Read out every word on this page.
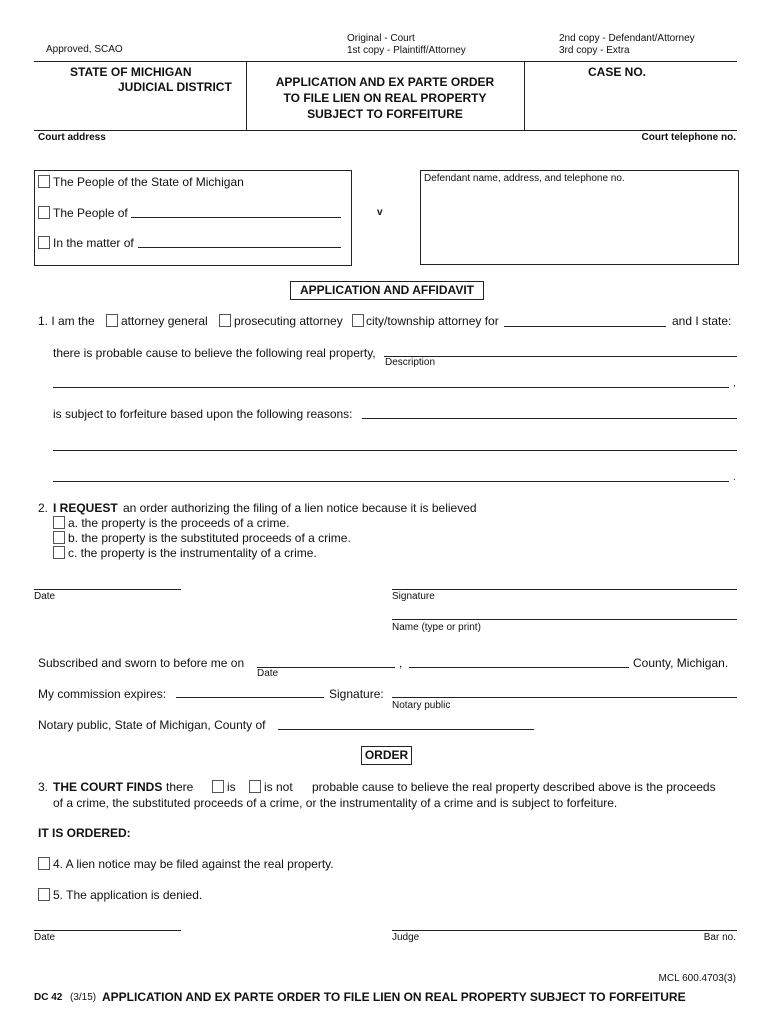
Approved, SCAO
Original - Court
1st copy - Plaintiff/Attorney
2nd copy - Defendant/Attorney
3rd copy - Extra
STATE OF MICHIGAN
JUDICIAL DISTRICT	APPLICATION AND EX PARTE ORDER
TO FILE LIEN ON REAL PROPERTY
SUBJECT TO FORFEITURE
CASE NO.
Court address	Court telephone no.
The People of the State of Michigan
The People of
In the matter of
v
Defendant name, address, and telephone no.
APPLICATION AND AFFIDAVIT
1. I am the attorney general prosecuting attorney city/township attorney for	and I state:
there is probable cause to believe the following real property,
Description
,
is subject to forfeiture based upon the following reasons:
.
2. I REQUEST an order authorizing the filing of a lien notice because it is believed
a. the property is the proceeds of a crime.
b. the property is the substituted proceeds of a crime.
c. the property is the instrumentality of a crime.
Date	Signature
Name (type or print)
Subscribed and sworn to before me on
Date
,	County, Michigan.
My commission expires:	Signature:
Notary public
Notary public, State of Michigan, County of
ORDER
3. THE COURT FINDS there	is is not probable cause to believe the real property described above is the proceeds
of a crime, the substituted proceeds of a crime, or the instrumentality of a crime and is subject to forfeiture.
IT IS ORDERED:
4. A lien notice may be filed against the real property.
5. The application is denied.
Date	Judge	Bar no.
MCL 600.4703(3)
DC 42 (3/15) APPLICATION AND EX PARTE ORDER TO FILE LIEN ON REAL PROPERTY SUBJECT TO FORFEITURE
